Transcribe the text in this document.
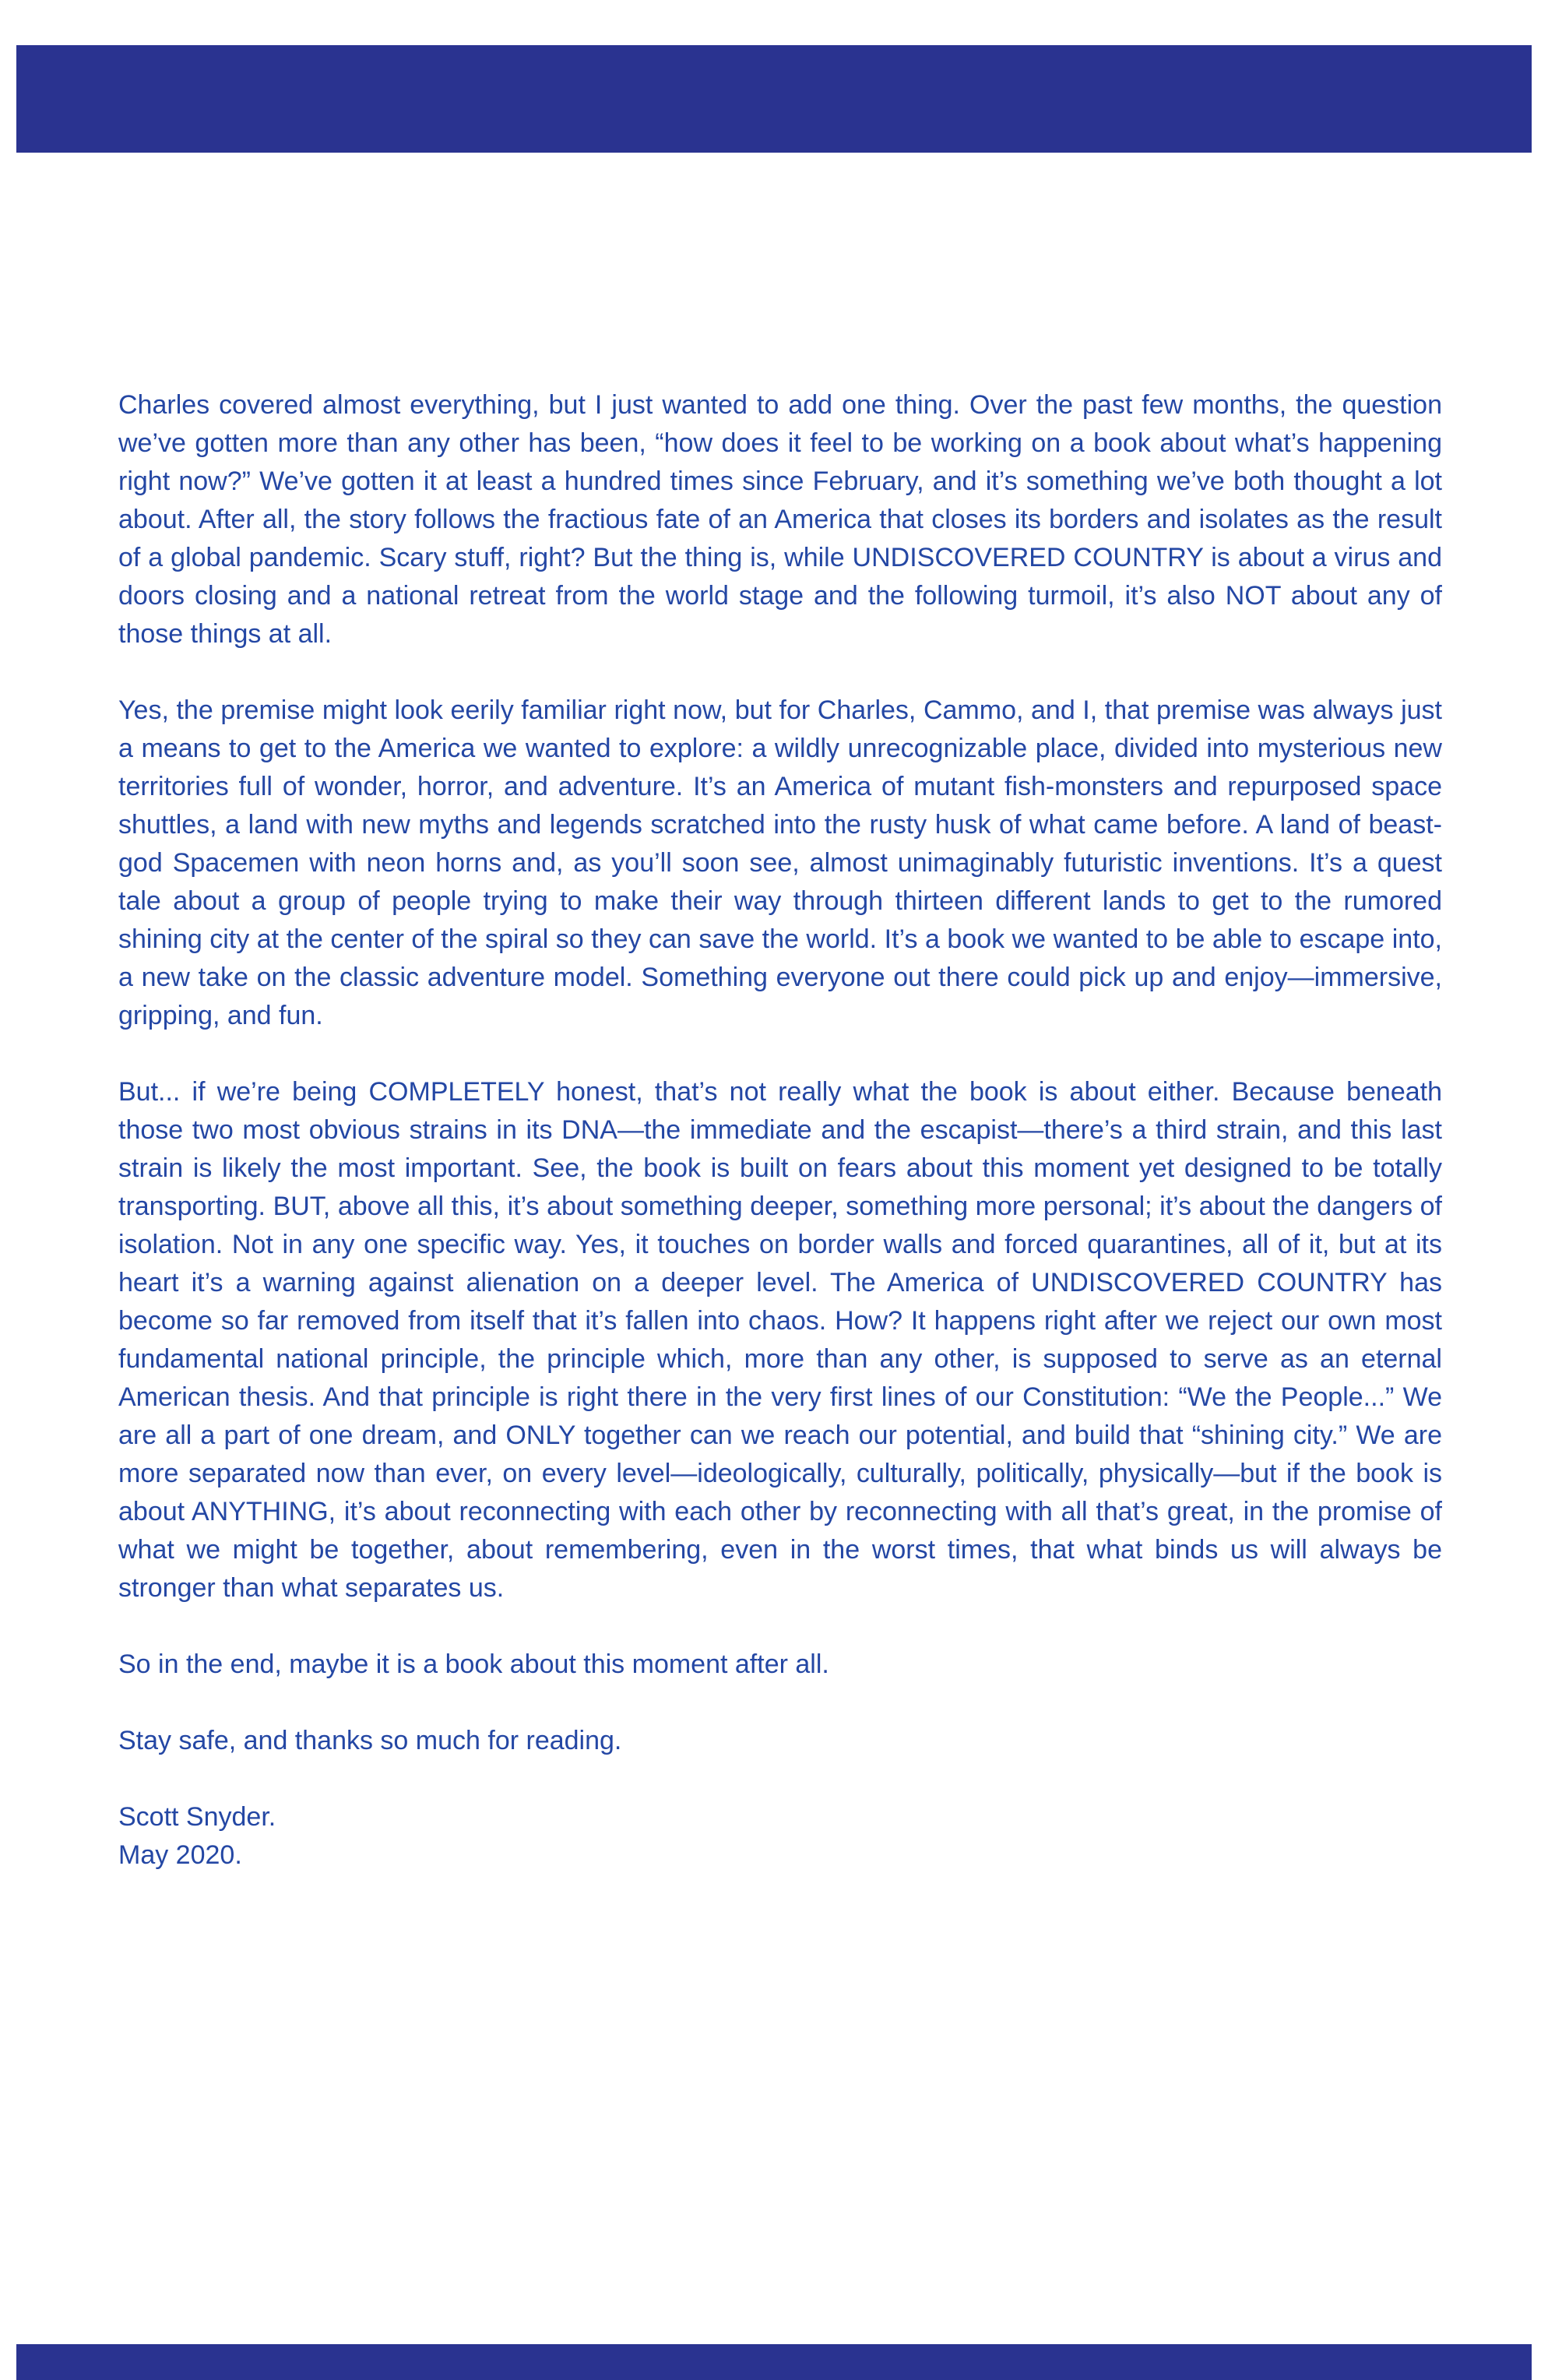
Charles covered almost everything, but I just wanted to add one thing. Over the past few months, the question we’ve gotten more than any other has been, “how does it feel to be working on a book about what’s happening right now?” We’ve gotten it at least a hundred times since February, and it’s something we’ve both thought a lot about. After all, the story follows the fractious fate of an America that closes its borders and isolates as the result of a global pandemic. Scary stuff, right? But the thing is, while UNDISCOVERED COUNTRY is about a virus and doors closing and a national retreat from the world stage and the following turmoil, it’s also NOT about any of those things at all.

Yes, the premise might look eerily familiar right now, but for Charles, Cammo, and I, that premise was always just a means to get to the America we wanted to explore: a wildly unrecognizable place, divided into mysterious new territories full of wonder, horror, and adventure. It’s an America of mutant fish-monsters and repurposed space shuttles, a land with new myths and legends scratched into the rusty husk of what came before. A land of beast-god Spacemen with neon horns and, as you’ll soon see, almost unimaginably futuristic inventions. It’s a quest tale about a group of people trying to make their way through thirteen different lands to get to the rumored shining city at the center of the spiral so they can save the world. It’s a book we wanted to be able to escape into, a new take on the classic adventure model. Something everyone out there could pick up and enjoy—immersive, gripping, and fun.

But... if we’re being COMPLETELY honest, that’s not really what the book is about either. Because beneath those two most obvious strains in its DNA—the immediate and the escapist—there’s a third strain, and this last strain is likely the most important. See, the book is built on fears about this moment yet designed to be totally transporting. BUT, above all this, it’s about something deeper, something more personal; it’s about the dangers of isolation. Not in any one specific way. Yes, it touches on border walls and forced quarantines, all of it, but at its heart it’s a warning against alienation on a deeper level. The America of UNDISCOVERED COUNTRY has become so far removed from itself that it’s fallen into chaos. How? It happens right after we reject our own most fundamental national principle, the principle which, more than any other, is supposed to serve as an eternal American thesis. And that principle is right there in the very first lines of our Constitution: “We the People...” We are all a part of one dream, and ONLY together can we reach our potential, and build that “shining city.” We are more separated now than ever, on every level—ideologically, culturally, politically, physically—but if the book is about ANYTHING, it’s about reconnecting with each other by reconnecting with all that’s great, in the promise of what we might be together, about remembering, even in the worst times, that what binds us will always be stronger than what separates us.

So in the end, maybe it is a book about this moment after all.

Stay safe, and thanks so much for reading.

Scott Snyder.

May 2020.
